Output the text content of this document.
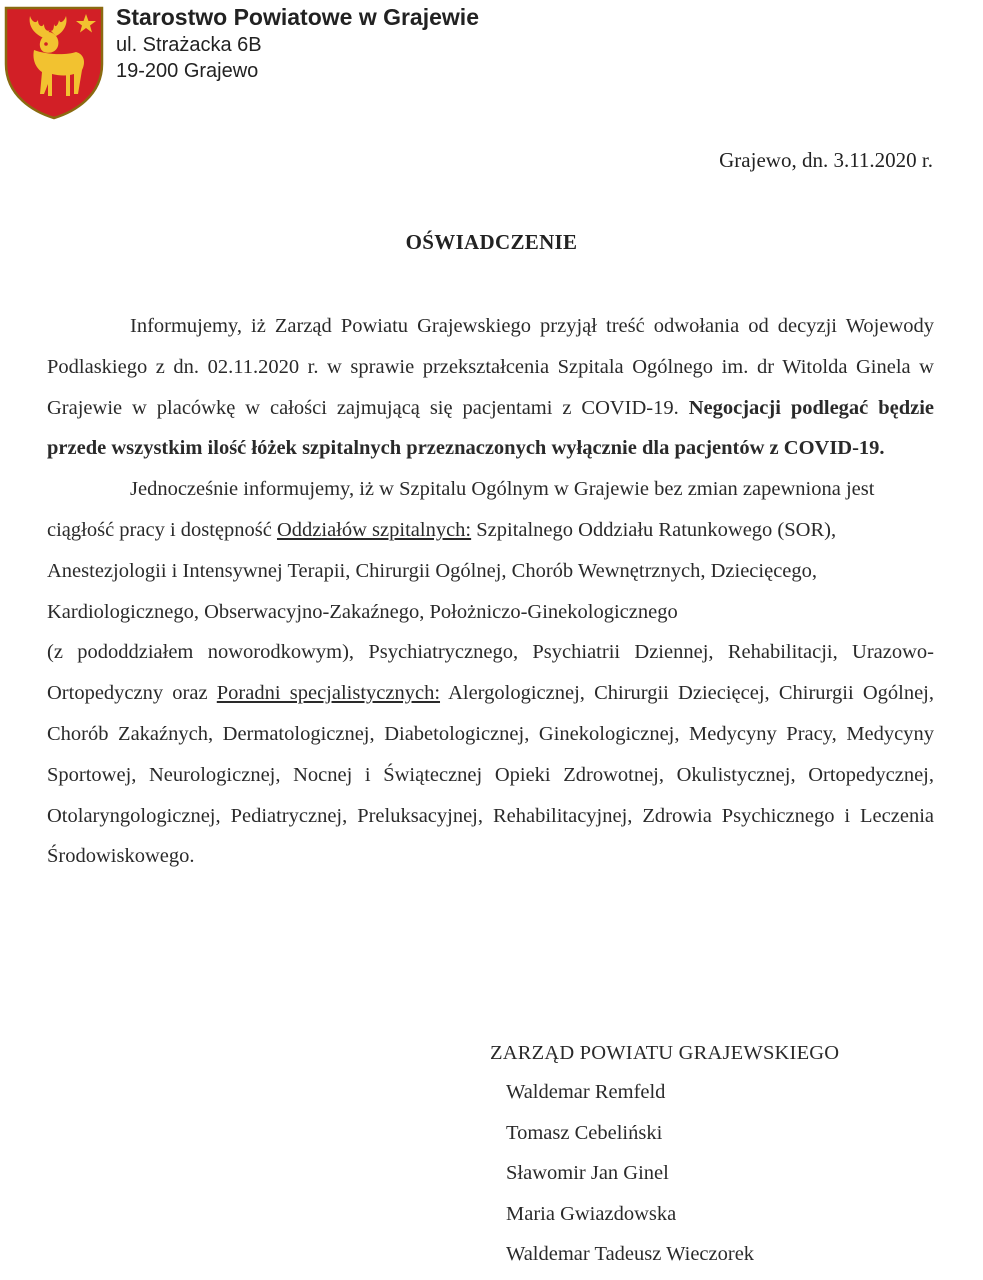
Starostwo Powiatowe w Grajewie
ul. Strażacka 6B
19-200 Grajewo
Grajewo, dn. 3.11.2020 r.
OŚWIADCZENIE

Informujemy, iż Zarząd Powiatu Grajewskiego przyjął treść odwołania od decyzji Wojewody Podlaskiego z dn. 02.11.2020 r. w sprawie przekształcenia Szpitala Ogólnego im. dr Witolda Ginela w Grajewie w placówkę w całości zajmującą się pacjentami z COVID-19. Negocjacji podlegać będzie przede wszystkim ilość łóżek szpitalnych przeznaczonych wyłącznie dla pacjentów z COVID-19.

Jednocześnie informujemy, iż w Szpitalu Ogólnym w Grajewie bez zmian zapewniona jest ciągłość pracy i dostępność Oddziałów szpitalnych: Szpitalnego Oddziału Ratunkowego (SOR), Anestezjologii i Intensywnej Terapii, Chirurgii Ogólnej, Chorób Wewnętrznych, Dziecięcego, Kardiologicznego, Obserwacyjno-Zakaźnego, Położniczo-Ginekologicznego

(z pododdziałem noworodkowym), Psychiatrycznego, Psychiatrii Dziennej, Rehabilitacji, Urazowo-Ortopedyczny oraz Poradni specjalistycznych: Alergologicznej, Chirurgii Dziecięcej, Chirurgii Ogólnej, Chorób Zakaźnych, Dermatologicznej, Diabetologicznej, Ginekologicznej, Medycyny Pracy, Medycyny Sportowej, Neurologicznej, Nocnej i Świątecznej Opieki Zdrowotnej, Okulistycznej, Ortopedycznej, Otolaryngologicznej, Pediatrycznej, Preluksacyjnej, Rehabilitacyjnej, Zdrowia Psychicznego i Leczenia Środowiskowego.

ZARZĄD POWIATU GRAJEWSKIEGO
Waldemar Remfeld
Tomasz Cebeliński
Sławomir Jan Ginel
Maria Gwiazdowska
Waldemar Tadeusz Wieczorek
